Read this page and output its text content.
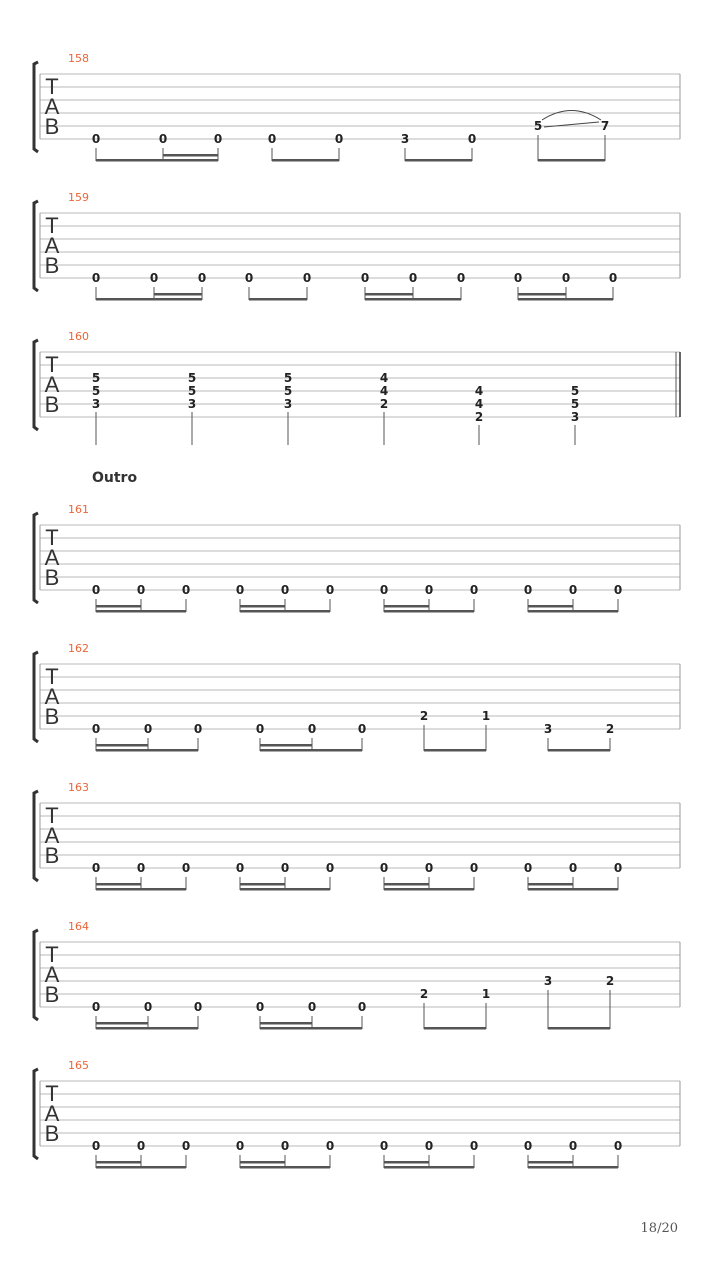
T
A
B
158
0	0	0	0	0	3	0
5	7
T
A
B
159
0	0	0	0	0	0	0	0	0	0	0
T
A
B
160
5
5
3
5
5
3
5
5
3
4
4
2
4
4
2
5
5
3
T
A
B
161
0	0	0	0	0	0	0	0	0	0	0	0
T
A
B
162
0	0	0	0	0	0
2	1
3	2
T
A
B
163
0	0	0	0	0	0	0	0	0	0	0	0
T
A
B
164
0	0	0	0	0	0
2	1
3	2
T
A
B
165
0	0	0	0	0	0	0	0	0	0	0	0
Outro
18/20
